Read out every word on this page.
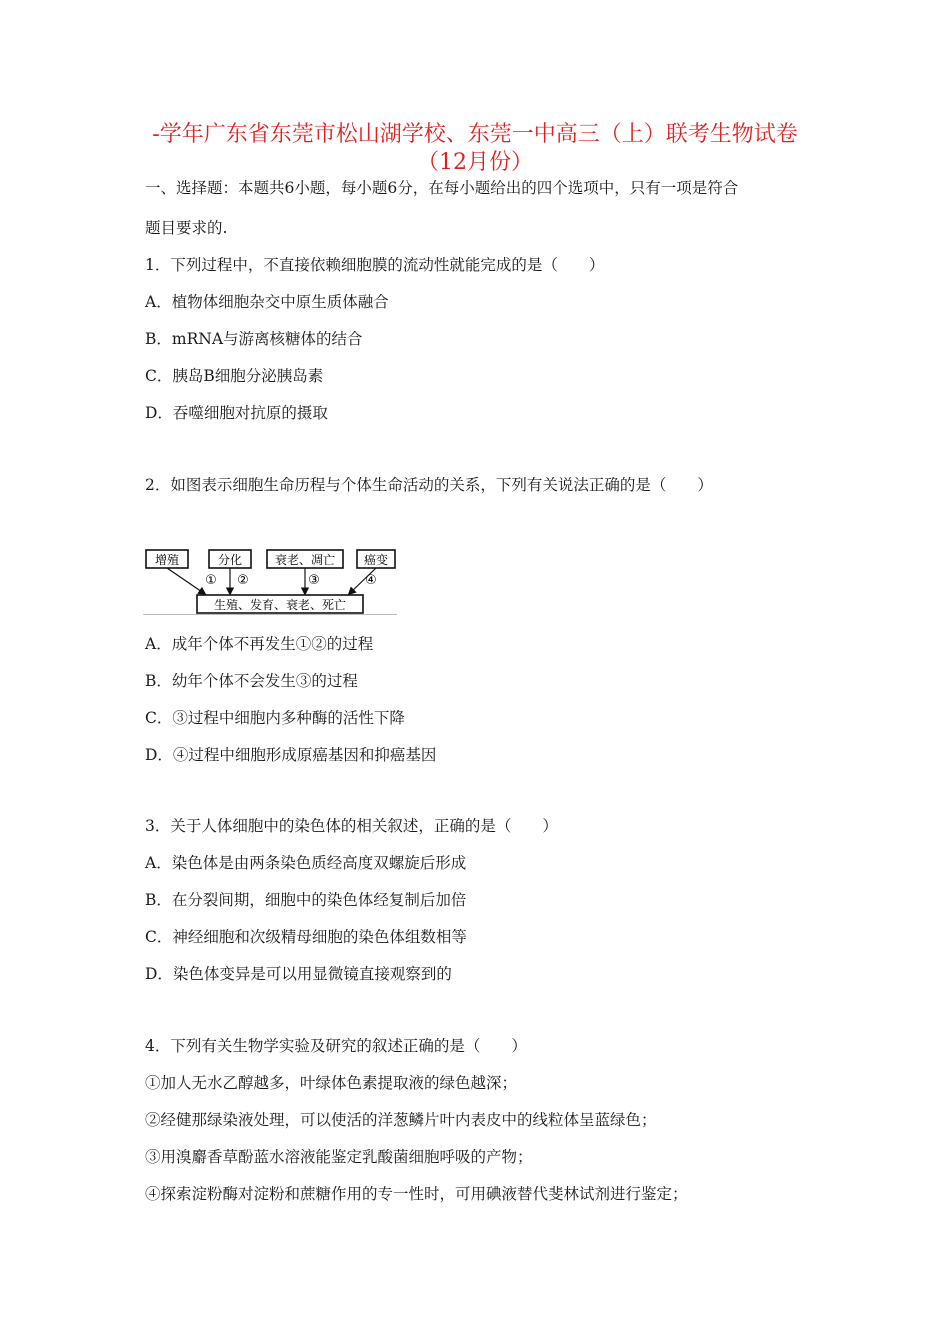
-学年广东省东莞市松山湖学校、东莞一中高三（上）联考生物试卷
（12月份）
一、选择题：本题共6小题，每小题6分，在每小题给出的四个选项中，只有一项是符合
题目要求的.
1．下列过程中，不直接依赖细胞膜的流动性就能完成的是（　　）
A．植物体细胞杂交中原生质体融合
B．mRNA与游离核糖体的结合
C．胰岛B细胞分泌胰岛素
D．吞噬细胞对抗原的摄取
2．如图表示细胞生命历程与个体生命活动的关系，下列有关说法正确的是（　　）
增殖	分化	衰老、凋亡 癌变
生殖、发育、衰老、死亡
① ②	③	④
A．成年个体不再发生①②的过程
B．幼年个体不会发生③的过程
C．③过程中细胞内多种酶的活性下降
D．④过程中细胞形成原癌基因和抑癌基因
3．关于人体细胞中的染色体的相关叙述，正确的是（　　）
A．染色体是由两条染色质经高度双螺旋后形成
B．在分裂间期，细胞中的染色体经复制后加倍
C．神经细胞和次级精母细胞的染色体组数相等
D．染色体变异是可以用显微镜直接观察到的
4．下列有关生物学实验及研究的叙述正确的是（　　）
①加人无水乙醇越多，叶绿体色素提取液的绿色越深；
②经健那绿染液处理，可以使活的洋葱鳞片叶内表皮中的线粒体呈蓝绿色；
③用溴麝香草酚蓝水溶液能鉴定乳酸菌细胞呼吸的产物；
④探索淀粉酶对淀粉和蔗糖作用的专一性时，可用碘液替代斐林试剂进行鉴定；
